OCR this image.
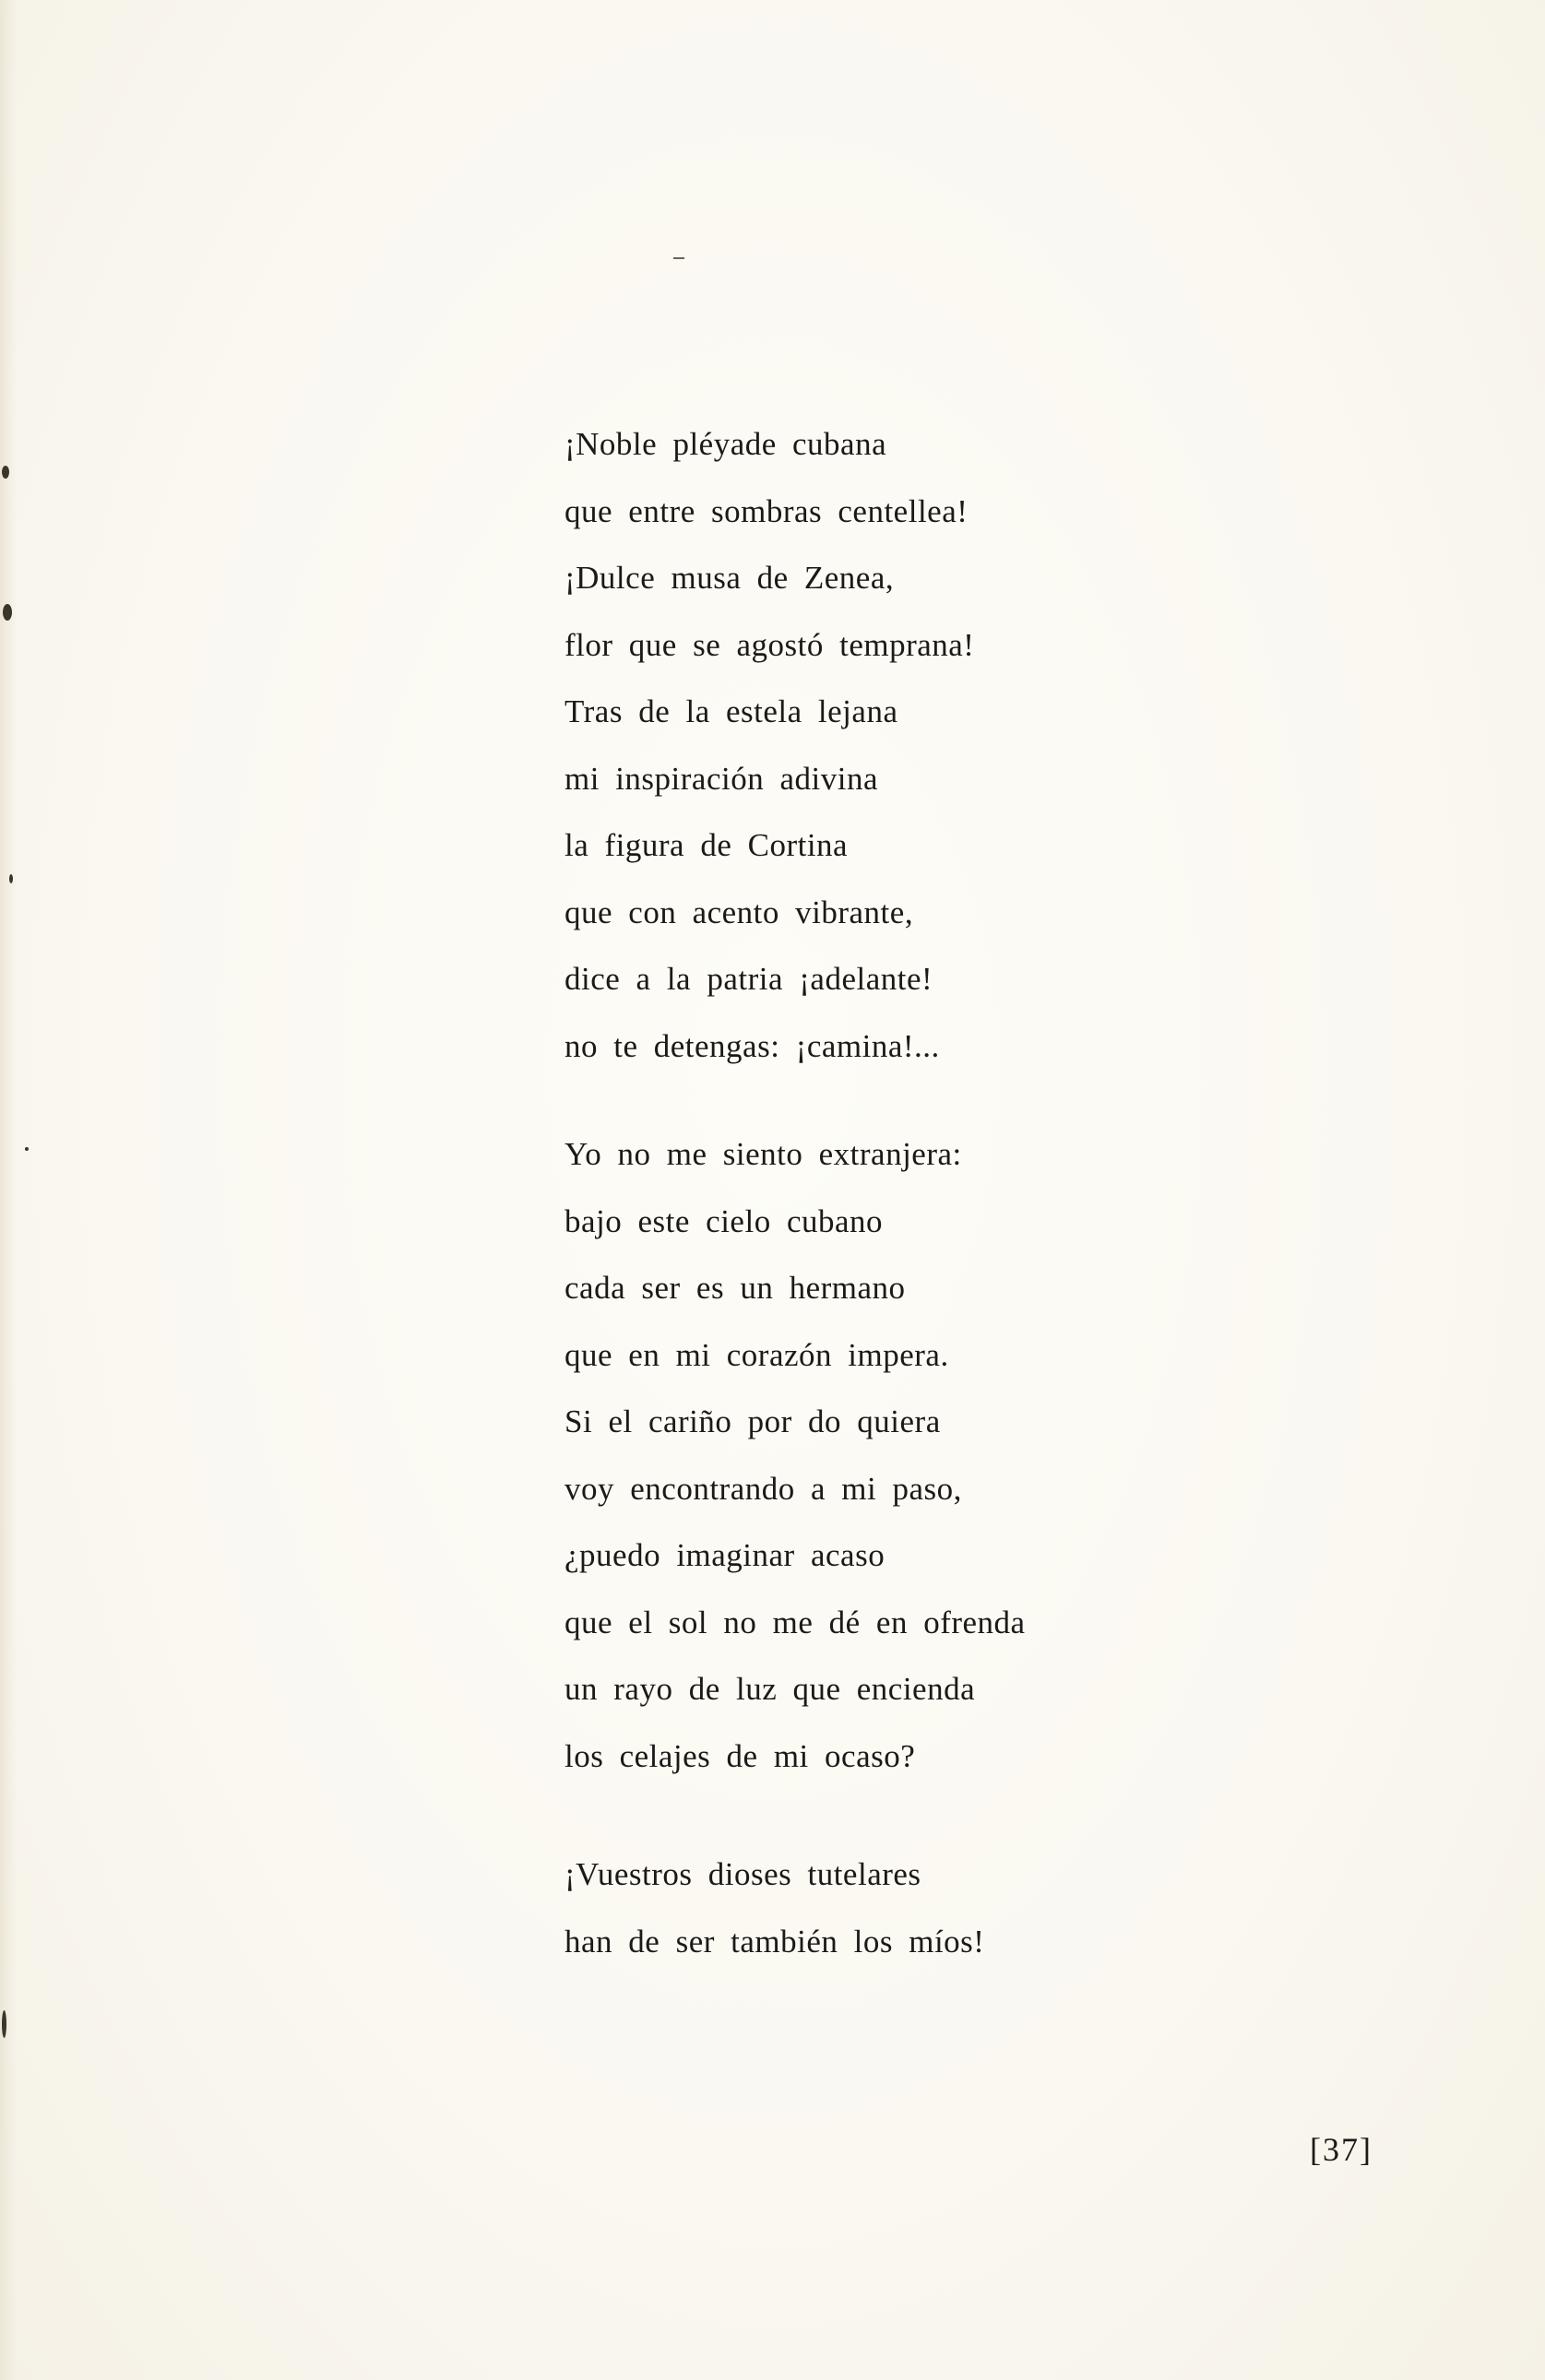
¡Noble pléyade cubana
que entre sombras centellea!
¡Dulce musa de Zenea,
flor que se agostó temprana!
Tras de la estela lejana
mi inspiración adivina
la figura de Cortina
que con acento vibrante,
dice a la patria ¡adelante!
no te detengas: ¡camina!...
Yo no me siento extranjera:
bajo este cielo cubano
cada ser es un hermano
que en mi corazón impera.
Si el cariño por do quiera
voy encontrando a mi paso,
¿puedo imaginar acaso
que el sol no me dé en ofrenda
un rayo de luz que encienda
los celajes de mi ocaso?
¡Vuestros dioses tutelares
han de ser también los míos!
[37]
